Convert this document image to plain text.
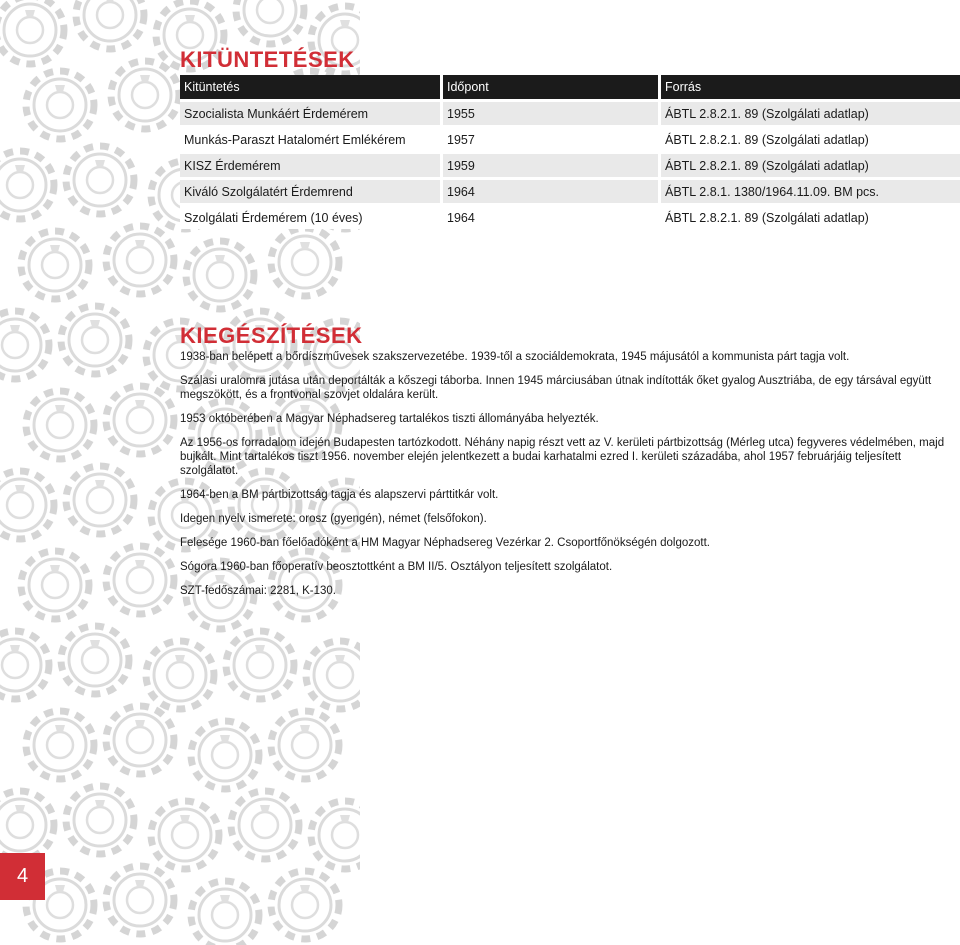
KITÜNTETÉSEK
Kitüntetés		Időpont		Forrás
Szocialista Munkáért Érdemérem		1955		ÁBTL 2.8.2.1. 89 (Szolgálati adatlap)
Munkás-Paraszt Hatalomért Emlékérem		1957		ÁBTL 2.8.2.1. 89 (Szolgálati adatlap)
KISZ Érdemérem		1959		ÁBTL 2.8.2.1. 89 (Szolgálati adatlap)
Kiváló Szolgálatért Érdemrend		1964		ÁBTL 2.8.1. 1380/1964.11.09. BM pcs.
Szolgálati Érdemérem (10 éves)		1964		ÁBTL 2.8.2.1. 89 (Szolgálati adatlap)
KIEGÉSZÍTÉSEK

1938-ban belépett a bőrdíszművesek szakszervezetébe. 1939-től a szociáldemokrata, 1945 májusától a kommunista párt tagja volt.

Szálasi uralomra jutása után deportálták a kőszegi táborba. Innen 1945 márciusában útnak indították őket gyalog Ausztriába, de egy társával együtt megszökött, és a frontvonal szovjet oldalára került.

1953 októberében a Magyar Néphadsereg tartalékos tiszti állományába helyezték.

Az 1956-os forradalom idején Budapesten tartózkodott. Néhány napig részt vett az V. kerületi pártbizottság (Mérleg utca) fegyveres védelmében, majd bujkált. Mint tartalékos tiszt 1956. november elején jelentkezett a budai karhatalmi ezred I. kerületi századába, ahol 1957 februárjáig teljesített szolgálatot.

1964-ben a BM pártbizottság tagja és alapszervi párttitkár volt.

Idegen nyelv ismerete: orosz (gyengén), német (felsőfokon).

Felesége 1960-ban főelőadóként a HM Magyar Néphadsereg Vezérkar 2. Csoportfőnökségén dolgozott.

Sógora 1960-ban főoperatív beosztottként a BM II/5. Osztályon teljesített szolgálatot.

SZT-fedőszámai: 2281, K-130.

4
